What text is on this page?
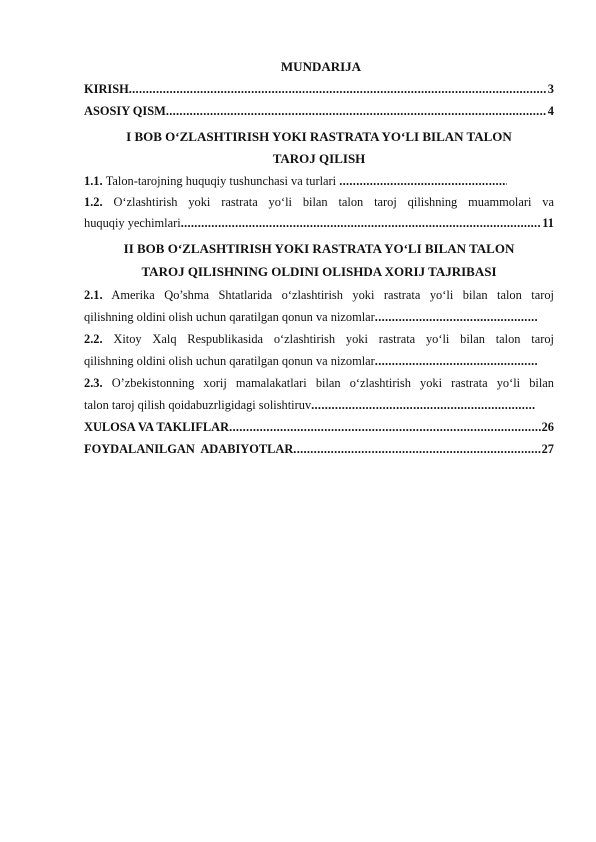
MUNDARIJA
KIRISH .....	3
ASOSIY QISM .....	4
I BOB O‘ZLASHTIRISH YOKI RASTRATA YO‘LI BILAN TALON
TAROJ QILISH
1.1. Talon-tarojning huquqiy tushunchasi va turlari
.....
1.2. O‘zlashtirish yoki rastrata yo‘li bilan talon taroj qilishning muammolari va
huquqiy yechimlari .....	11
II BOB O‘ZLASHTIRISH YOKI RASTRATA YO‘LI BILAN TALON
TAROJ QILISHNING OLDINI OLISHDA XORIJ TAJRIBASI
2.1. Amerika Qo’shma Shtatlarida o‘zlashtirish yoki rastrata yo‘li bilan talon taroj
qilishning oldini olish uchun qaratilgan qonun va nizomlar
.....
2.2. Xitoy Xalq Respublikasida o‘zlashtirish yoki rastrata yo‘li bilan talon taroj
qilishning oldini olish uchun qaratilgan qonun va nizomlar
.....
2.3. O’zbekistonning xorij mamalakatlari bilan o‘zlashtirish yoki rastrata yo‘li bilan
talon taroj qilish qoidabuzrligidagi solishtiruv
.....
XULOSA VA TAKLIFLAR .....	26
FOYDALANILGAN  ADABIYOTLAR .....	27
